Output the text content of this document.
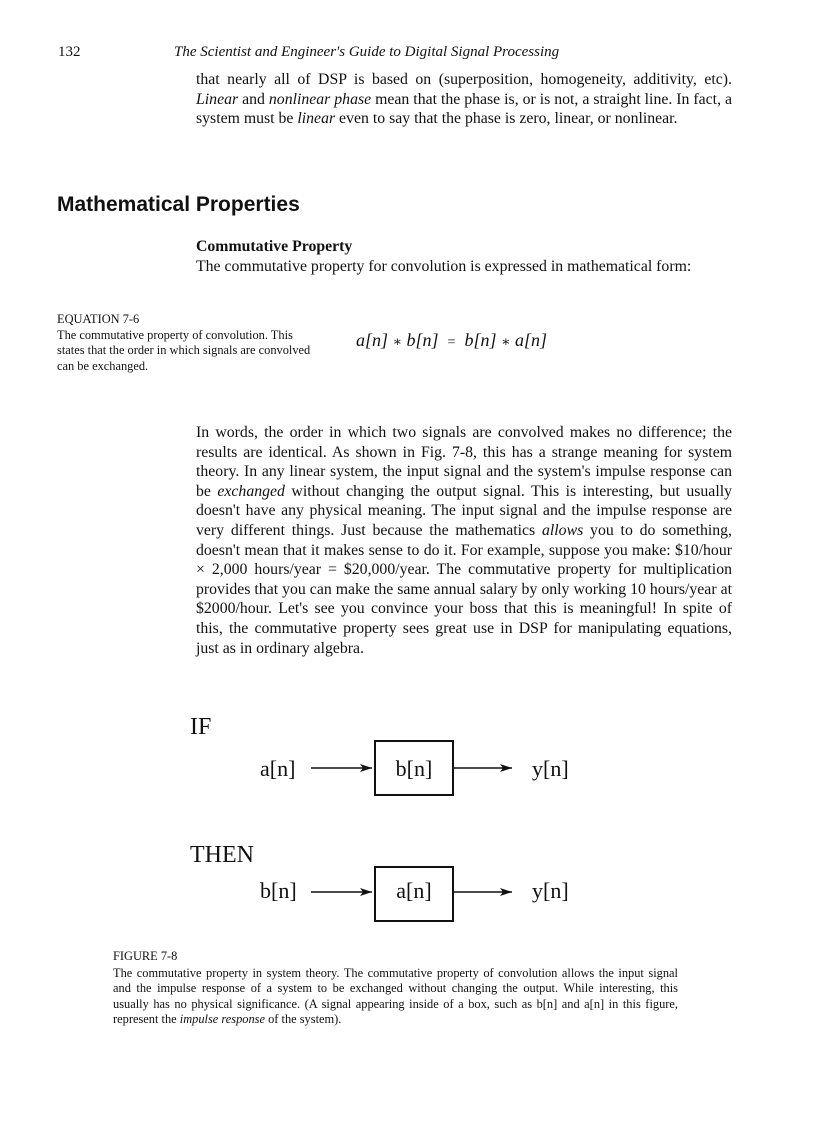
132	The Scientist and Engineer's Guide to Digital Signal Processing

that nearly all of DSP is based on (superposition, homogeneity, additivity, etc). Linear and nonlinear phase mean that the phase is, or is not, a straight line. In fact, a system must be linear even to say that the phase is zero, linear, or nonlinear.

Mathematical Properties
Commutative Property

The commutative property for convolution is expressed in mathematical form:

EQUATION 7-6
The commutative property of convolution. This states that the order in which signals are convolved can be exchanged.
a[n] ∗ b[n] = b[n] ∗ a[n]

In words, the order in which two signals are convolved makes no difference; the results are identical. As shown in Fig. 7-8, this has a strange meaning for system theory. In any linear system, the input signal and the system's impulse response can be exchanged without changing the output signal. This is interesting, but usually doesn't have any physical meaning. The input signal and the impulse response are very different things. Just because the mathematics allows you to do something, doesn't mean that it makes sense to do it. For example, suppose you make: $10/hour × 2,000 hours/year = $20,000/year. The commutative property for multiplication provides that you can make the same annual salary by only working 10 hours/year at $2000/hour. Let's see you convince your boss that this is meaningful! In spite of this, the commutative property sees great use in DSP for manipulating equations, just as in ordinary algebra.

IF
a[n]	b[n]	y[n]
THEN
b[n]	a[n]	y[n]
FIGURE 7-8
The commutative property in system theory. The commutative property of convolution allows the input signal and the impulse response of a system to be exchanged without changing the output. While interesting, this usually has no physical significance. (A signal appearing inside of a box, such as b[n] and a[n] in this figure, represent the impulse response of the system).
